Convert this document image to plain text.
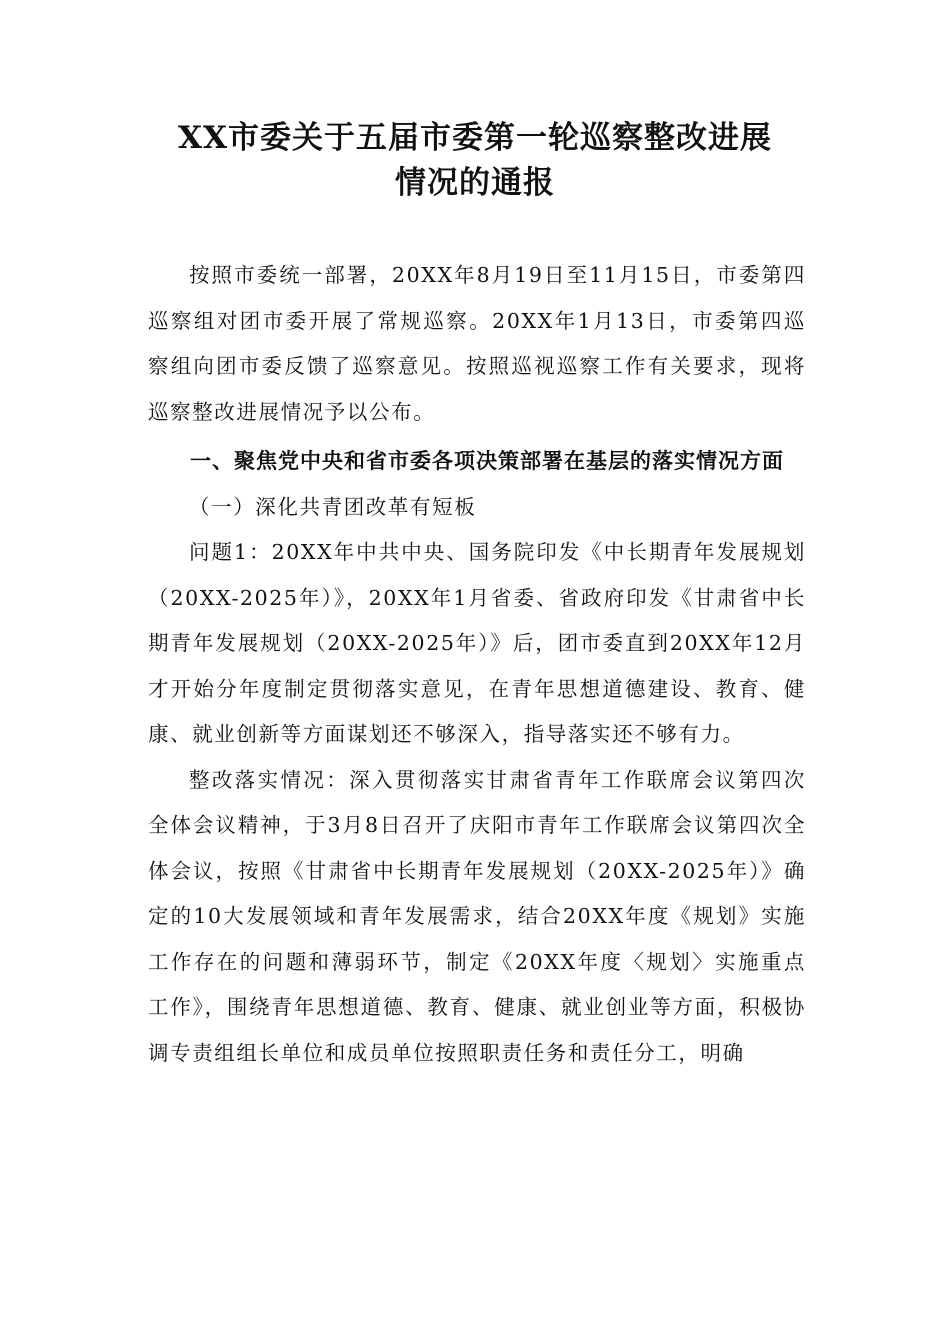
XX市委关于五届市委第一轮巡察整改进展
情况的通报

按照市委统一部署，20XX年8月19日至11月15日，市委第四巡察组对团市委开展了常规巡察。20XX年1月13日，市委第四巡察组向团市委反馈了巡察意见。按照巡视巡察工作有关要求，现将巡察整改进展情况予以公布。

一、聚焦党中央和省市委各项决策部署在基层的落实情况方面

（一）深化共青团改革有短板

问题1：20XX年中共中央、国务院印发《中长期青年发展规划（20XX-2025年）》，20XX年1月省委、省政府印发《甘肃省中长期青年发展规划（20XX-2025年）》后，团市委直到20XX年12月才开始分年度制定贯彻落实意见，在青年思想道德建设、教育、健康、就业创新等方面谋划还不够深入，指导落实还不够有力。

整改落实情况：深入贯彻落实甘肃省青年工作联席会议第四次全体会议精神，于3月8日召开了庆阳市青年工作联席会议第四次全体会议，按照《甘肃省中长期青年发展规划（20XX-2025年）》确定的10大发展领域和青年发展需求，结合20XX年度《规划》实施工作存在的问题和薄弱环节，制定《20XX年度〈规划〉实施重点工作》，围绕青年思想道德、教育、健康、就业创业等方面，积极协调专责组组长单位和成员单位按照职责任务和责任分工，明确
